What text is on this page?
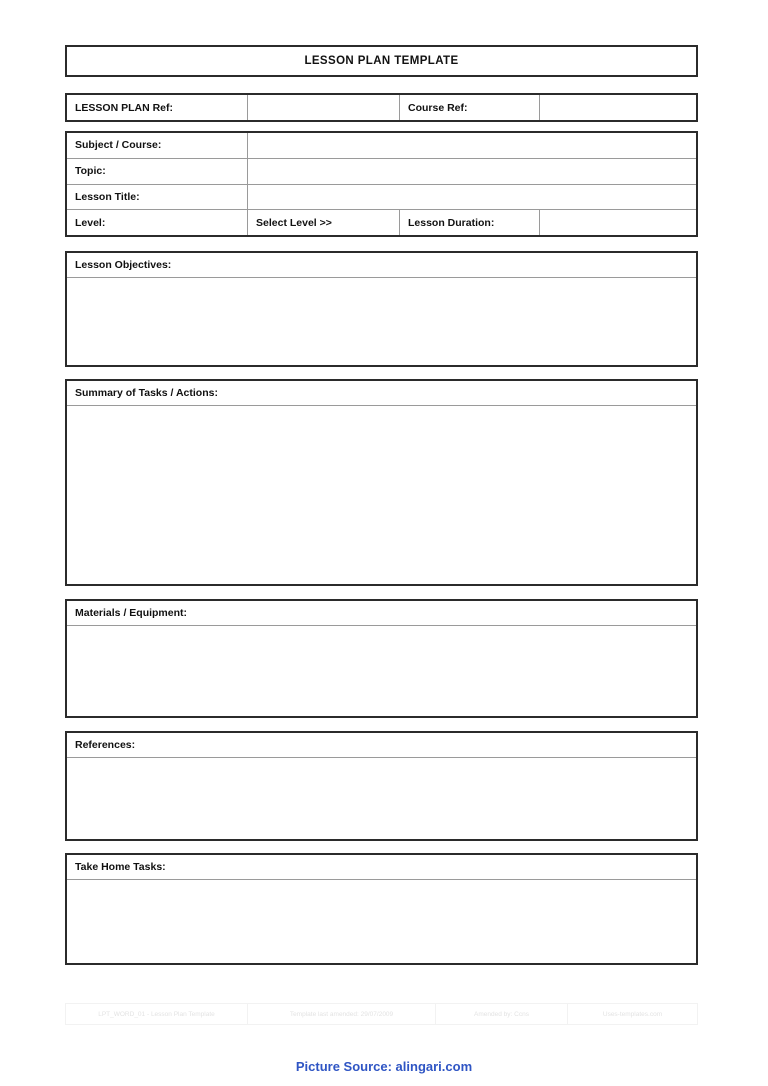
LESSON PLAN TEMPLATE
LESSON PLAN Ref:	Course Ref:
Subject / Course:
Topic:
Lesson Title:
Level:	Select Level >>	Lesson Duration:
Lesson Objectives:
Summary of Tasks / Actions:
Materials / Equipment:
References:
Take Home Tasks:
LPT_WORD_01 - Lesson Plan Template	Template last amended: 29/07/2009	Amended by: Ccns	Uses-templates.com
Picture Source: alingari.com
